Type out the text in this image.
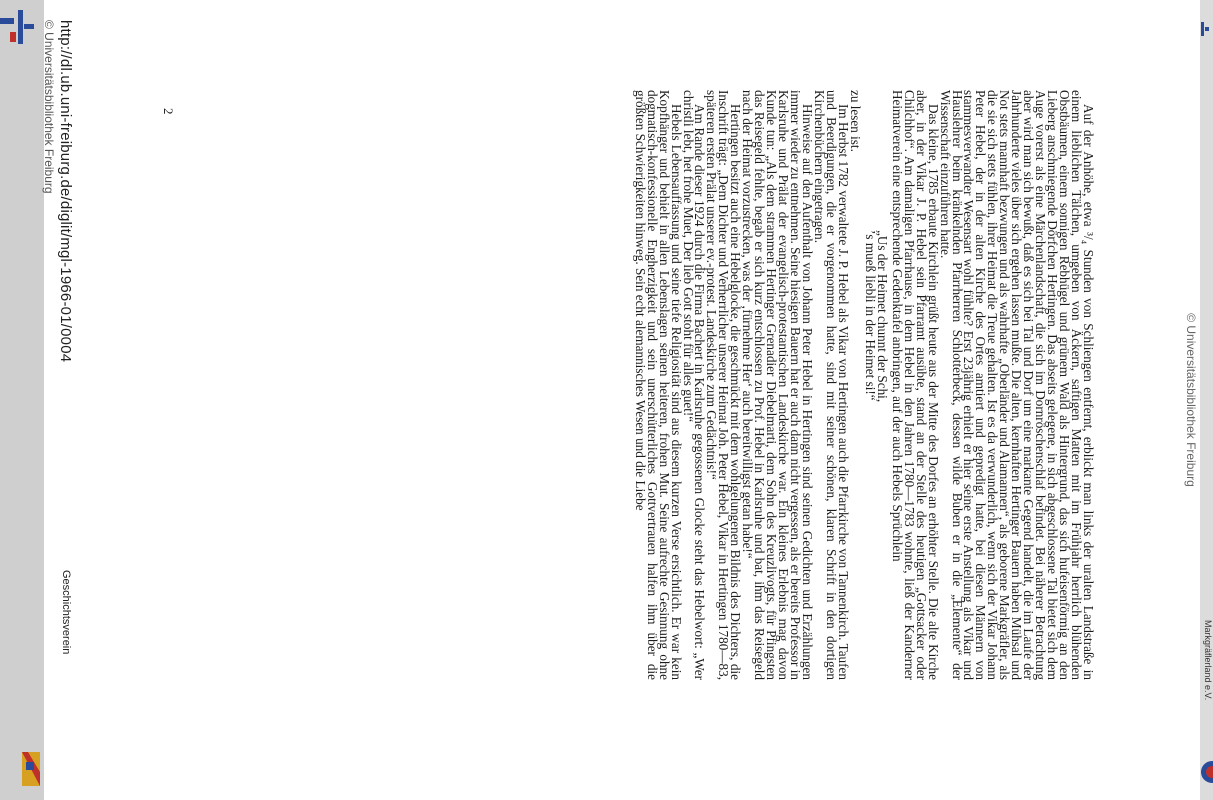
© Universitätsbibliothek Freiburg

Auf der Anhöhe, etwa ³/₄ Stunden von Schliengen entfernt, erblickt man links der uralten Landstraße in einem lieblichen Tälchen, umgeben von Äckern, saftigen Matten mit im Frühjahr herrlich blühenden Obstbäumen, einem sonnigen Rebhügel und grünem Wald als Hintergrund, das sich hufeisenförmig an den Lieberg anschmiegende Dörfchen Hertingen. Das abseits gelegene, in sich abgeschlossene Tal bietet sich dem Auge vorerst als eine Märchenlandschaft, die sich im Dornröschenschlaf befindet. Bei näherer Betrachtung aber wird man sich bewußt, daß es sich bei Tal und Dorf um eine markante Gegend handelt, die im Laufe der Jahrhunderte vieles über sich ergehen lassen mußte. Die alten, kernhaften Hertinger Bauern haben Mühsal und Not stets mannhaft bezwungen und als wahrhafte „Oberländer und Alamannen“, als geborene Markgräfler, als die sie sich stets fühlen, ihrer Heimat die Treue gehalten. Ist es da verwunderlich, wenn sich der Vikar Johann Peter Hebel, der in der alten Kirche des Ortes amtiert und gepredigt hatte, bei diesen Männern von stammesverwandter Wesensart wohl fühlte? Erst 23jährig erhielt er hier seine erste Anstellung als Vikar und Hauslehrer beim kränkelnden Pfarrherren Schlotterbeck, dessen wilde Buben er in die „Elemente“ der Wissenschaft einzuführen hatte.

Das kleine, 1785 erbaute Kirchlein grüßt heute aus der Mitte des Dorfes an erhöhter Stelle. Die alte Kirche aber, in der Vikar J. P. Hebel sein Pfarramt ausübte, stand an der Stelle des heutigen „Gottsacker oder Chilchhof“. Am damaligen Pfarrhause, in dem Hebel in den Jahren 1780—1783 wohnte, ließ der Kanderner Heimatverein eine entsprechende Gedenktafel anbringen, auf der auch Hebels Sprüchlein

„Us der Heimet chunnt der Schi,
ʼs mueß liebli in der Heimet si!“

zu lesen ist.

Im Herbst 1782 verwaltete J. P. Hebel als Vikar von Hertingen auch die Pfarrkirche von Tannenkirch. Taufen und Beerdigungen, die er vorgenommen hatte, sind mit seiner schönen, klaren Schrift in den dortigen Kirchenbüchern eingetragen.

Hinweise auf den Aufenthalt von Johann Peter Hebel in Hertingen sind seinen Gedichten und Erzählungen immer wieder zu entnehmen. Seine hiesigen Bauern hat er auch dann nicht vergessen, als er bereits Professor in Karlsruhe und Prälat der evangelisch-protestantischen Landeskirche war. Ein kleines Erlebnis mag davon Kunde tun: „Als dem strammen Hertinger Grenadier Diebelmarti, dem Sohn des Kreuzlivogts, für Pfingsten das Reisegeld fehlte, begab er sich kurz entschlossen zu Prof. Hebel in Karlsruhe und bat, ihm das Reisegeld nach der Heimat vorzustrecken, was der ‚fürnehme Her‘ auch bereitwilligst getan habe!“

Hertingen besitzt auch eine Hebelglocke, die geschmückt mit dem wohlgelungenen Bildnis des Dichters, die Inschrift trägt: „Dem Dichter und Verherrlicher unserer Heimat Joh. Peter Hebel, Vikar in Hertingen 1780—83, späteren ersten Prälat unserer ev.-protest. Landeskirche zum Gedächtnis!“

Am Rande dieser 1924 durch die Firma Bachert in Karlsruhe gegossenen Glocke steht das Hebelwort: „Wer christli lebt, het frohe Muet, Der lieb Gott stoht für alles guet!“

Hebels Lebensauffassung und seine tiefe Religiosität sind aus diesem kurzen Verse ersichtlich. Er war kein Kopfhänger und behielt in allen Lebenslagen seinen heiteren, frohen Mut. Seine aufrechte Gesinnung ohne dogmatisch-konfessionelle Engherzigkeit und sein unerschütterliches Gottvertrauen halfen ihm über die größten Schwierigkeiten hinweg. Sein echt alemannisches Wesen und die Liebe

2
http://dl.ub.uni-freiburg.de/diglit/mgl-1966-01/0004
© Universitätsbibliothek Freiburg
Geschichtsverein
Markgräflerland e.V.
